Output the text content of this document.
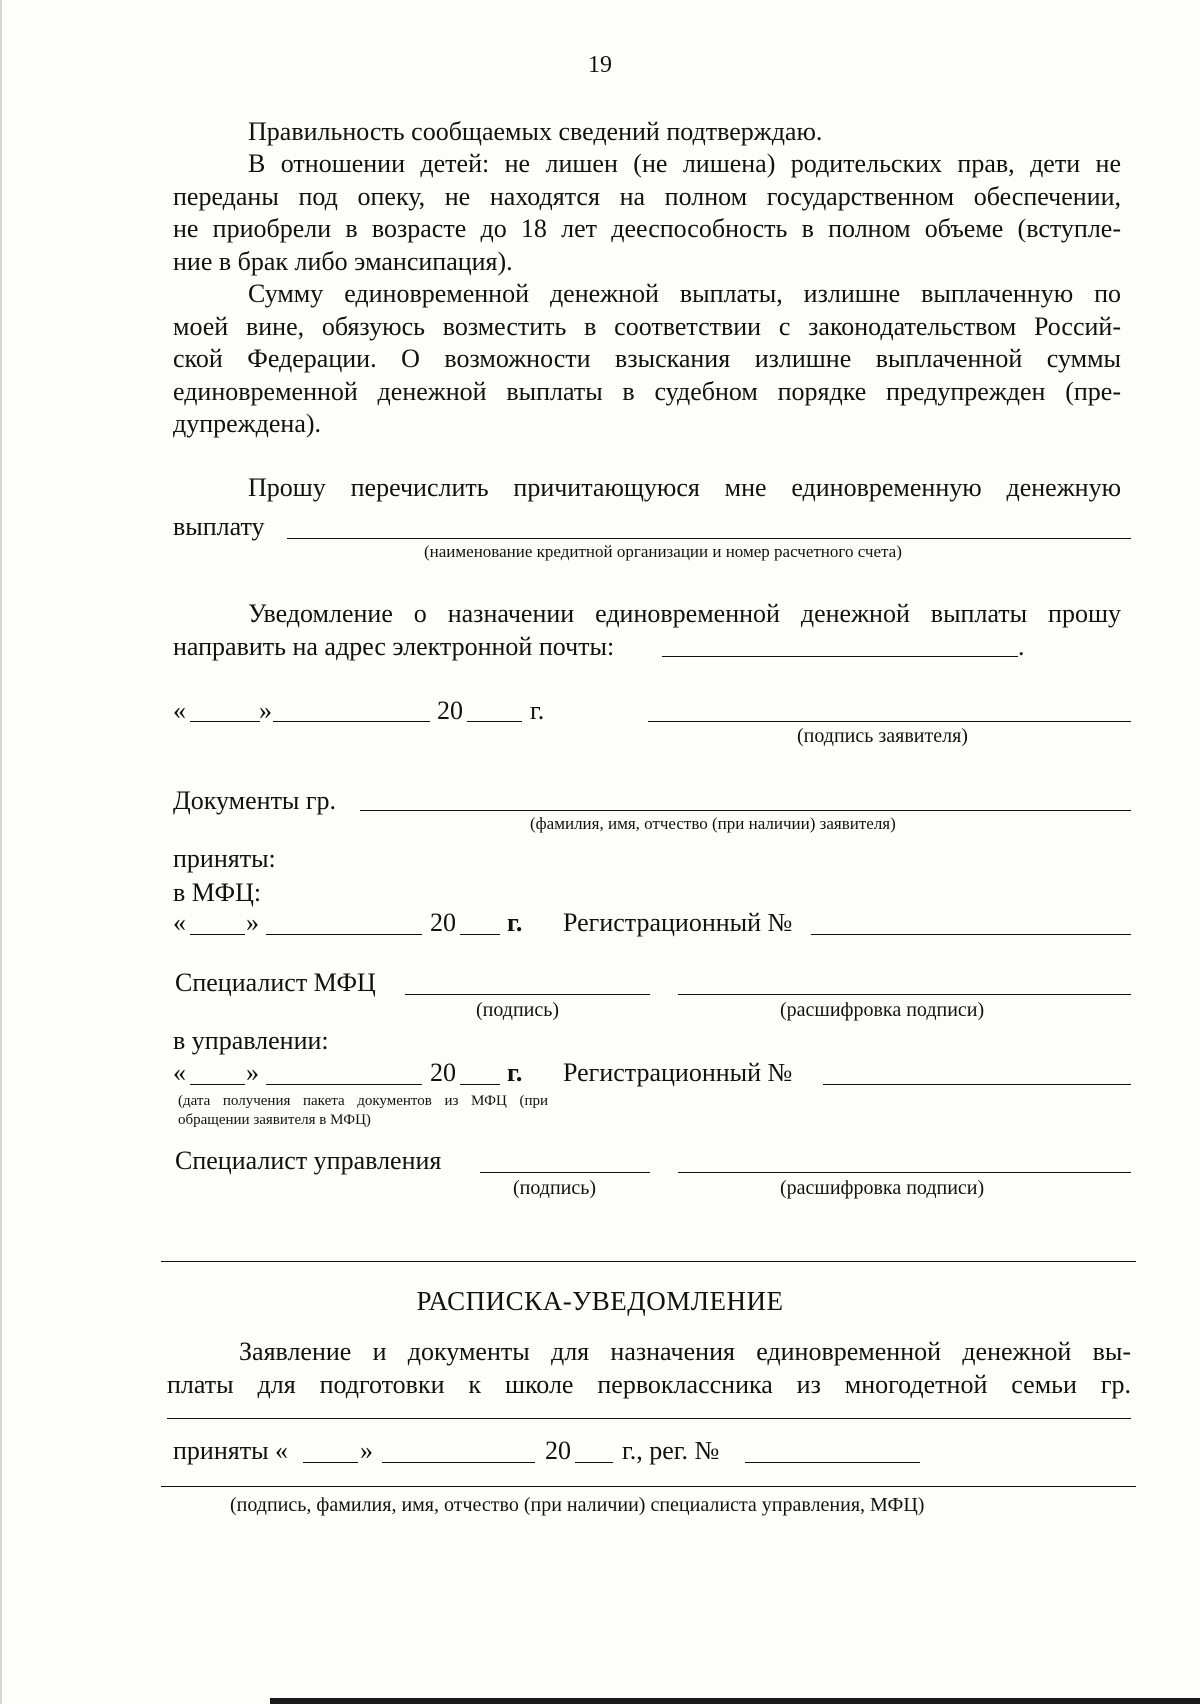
19
Правильность сообщаемых сведений подтверждаю.
В отношении детей: не лишен (не лишена) родительских прав, дети не
переданы под опеку, не находятся на полном государственном обеспечении,
не приобрели в возрасте до 18 лет дееспособность в полном объеме (вступле-
ние в брак либо эмансипация).
Сумму единовременной денежной выплаты, излишне выплаченную по
моей вине, обязуюсь возместить в соответствии с законодательством Россий-
ской Федерации. О возможности взыскания излишне выплаченной суммы
единовременной денежной выплаты в судебном порядке предупрежден (пре-
дупреждена).
Прошу перечислить причитающуюся мне единовременную денежную
выплату
(наименование кредитной организации и номер расчетного счета)
Уведомление о назначении единовременной денежной выплаты прошу
направить на адрес электронной почты:	.
«	»	20	г.
(подпись заявителя)
Документы гр.
(фамилия, имя, отчество (при наличии) заявителя)
приняты:
в МФЦ:
« »	20 г. Регистрационный №
Специалист МФЦ
(подпись)	(расшифровка подписи)
в управлении:
« »	20 г. Регистрационный №
(дата получения пакета документов из МФЦ (при обращении заявителя в МФЦ)
Специалист управления
(подпись)	(расшифровка подписи)
РАСПИСКА-УВЕДОМЛЕНИЕ
Заявление и документы для назначения единовременной денежной вы-
платы для подготовки к школе первоклассника из многодетной семьи гр.
приняты «	»	20 г., рег. №
(подпись, фамилия, имя, отчество (при наличии) специалиста управления, МФЦ)
